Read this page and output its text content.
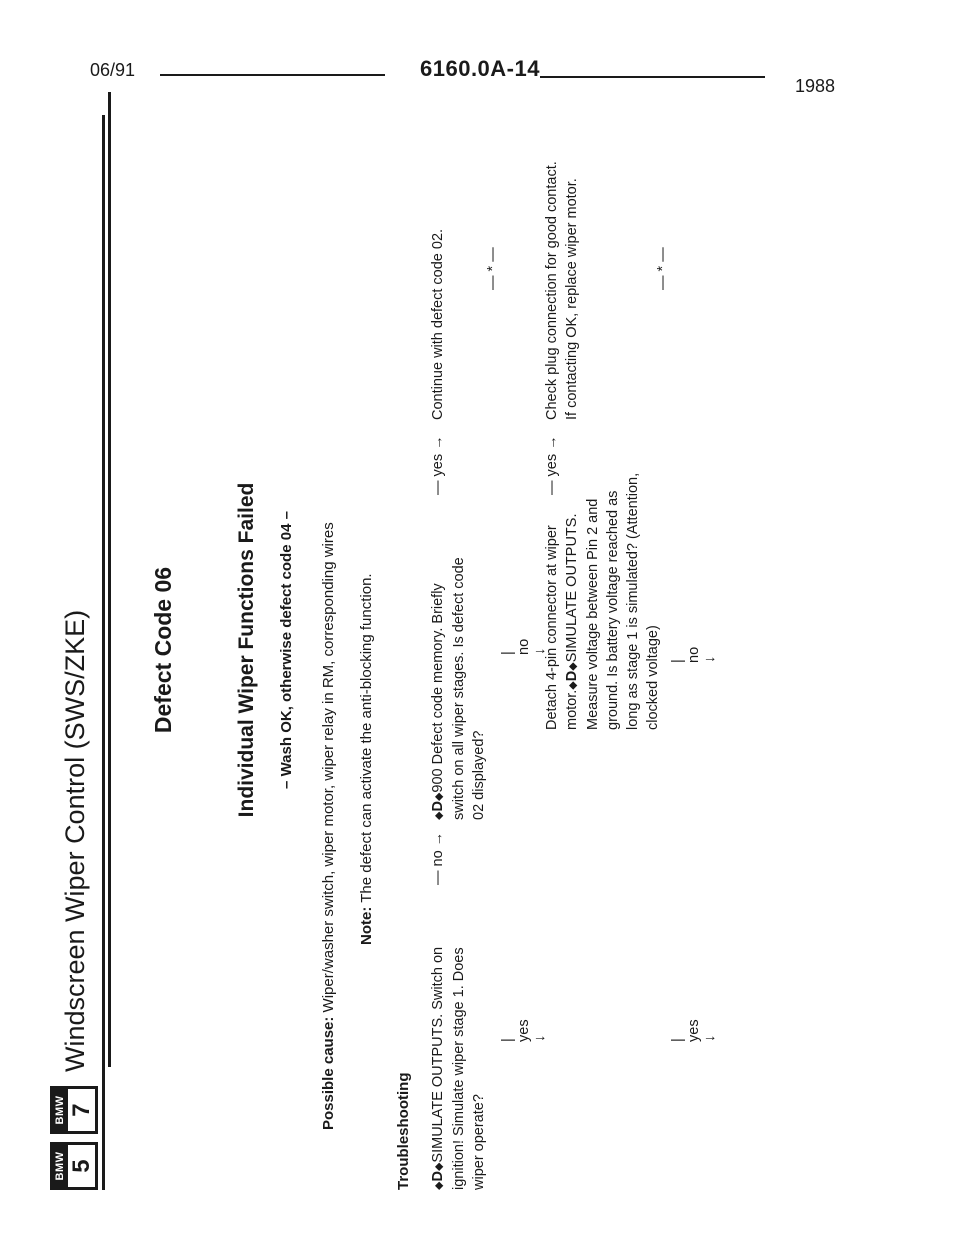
06/91	6160.0A-14
1988
BMW 5
BMW 7
Windscreen Wiper Control (SWS/ZKE)	Defect Code 06	Individual Wiper Functions Failed – Wash OK, otherwise defect code 04 –
Possible cause: Wiper/washer switch, wiper motor, wiper relay in RM, corresponding wires Note: The defect can activate the anti-blocking function.
Troubleshooting	◆D◆SIMULATE OUTPUTS. Switch on ignition! Simulate wiper stage 1. Does wiper operate?
— no →
◆D◆900 Defect code memory. Briefly switch on all wiper stages. Is defect code 02 displayed?
— yes →
Continue with defect code 02.	— * —
| no ↓
| yes ↓
Detach 4-pin connector at wiper motor.◆D◆SIMULATE OUTPUTS. Measure voltage between Pin 2 and ground. Is battery voltage reached as long as stage 1 is simulated? (Attention, clocked voltage)
— yes →
Check plug connection for good contact. If contacting OK, replace wiper motor.	— * —
| no ↓
| yes ↓
